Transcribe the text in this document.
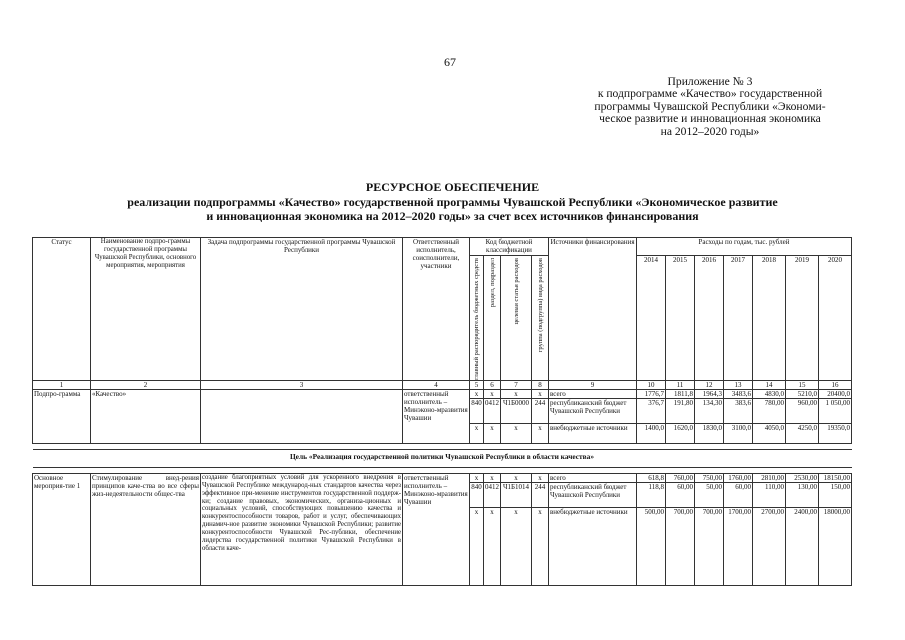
67
Приложение № 3
к подпрограмме «Качество» государственной
программы Чувашской Республики «Экономи-
ческое развитие и инновационная экономика
на 2012–2020 годы»
РЕСУРСНОЕ ОБЕСПЕЧЕНИЕ
реализации подпрограммы «Качество» государственной программы Чувашской Республики «Экономическое развитие
и инновационная экономика на 2012–2020 годы» за счет всех источников финансирования
Статус	Наименование подпро-граммы государственной программы Чувашской Республики, основного мероприятия, мероприятия	Задача подпрограммы государственной программы Чувашской Республики	Ответственный исполнитель, соисполнители, участники	Код бюджетной классификации				Источники финансирования	Расходы по годам, тыс. рублей						

				главный распорядитель бюджетных средств	раздел, подраздел	целевая статья расходов	группа (подгруппа) вида расходов		2014	2015	2016	2017	2018	2019	2020
1	2	3	4	5	6	7	8	9	10	11	12	13	14	15	16
Подпро-грамма	«Качество»		ответственный исполнитель – Минэконо-мразвития Чувашии	x	x	x	x	всего	1776,7	1811,8	1964,3	3483,6	4830,0	5210,0	20400,0
				840	0412	Ч1Б0000	244	республиканский бюджет Чувашской Республики	376,7	191,80	134,30	383,6	780,00	960,00	1 050,00
				x	x	x	x	внебюджетные источники	1400,0	1620,0	1830,0	3100,0	4050,0	4250,0	19350,0

Цель «Реализация государственной политики Чувашской Республики в области качества»															

Основное мероприя-тие 1	Стимулирование внед-рения принципов каче-ства во все сферы жиз-недеятельности общес-тва	создание благоприятных условий для ускоренного внедрения в Чувашской Республике международ-ных стандартов качества через эффективное при-менение инструментов государственной поддерж-ки; создание правовых, экономических, организа-ционных и социальных условий, способствующих повышению качества и конкурентоспособности товаров, работ и услуг, обеспечивающих динамич-ное развитие экономики Чувашской Республики; развитие конкурентоспособности Чувашской Рес-публики, обеспечение лидерства государственной политики Чувашской Республики в области каче-	ответственный исполнитель – Минэконо-мразвития Чувашии	x	x	x	x	всего	618,8	760,00	750,00	1760,00	2810,00	2530,00	18150,00
				840	0412	Ч1Б1014	244	республиканский бюджет Чувашской Республики	118,8	60,00	50,00	60,00	110,00	130,00	150,00
				x	x	x	x	внебюджетные источники	500,00	700,00	700,00	1700,00	2700,00	2400,00	18000,00
